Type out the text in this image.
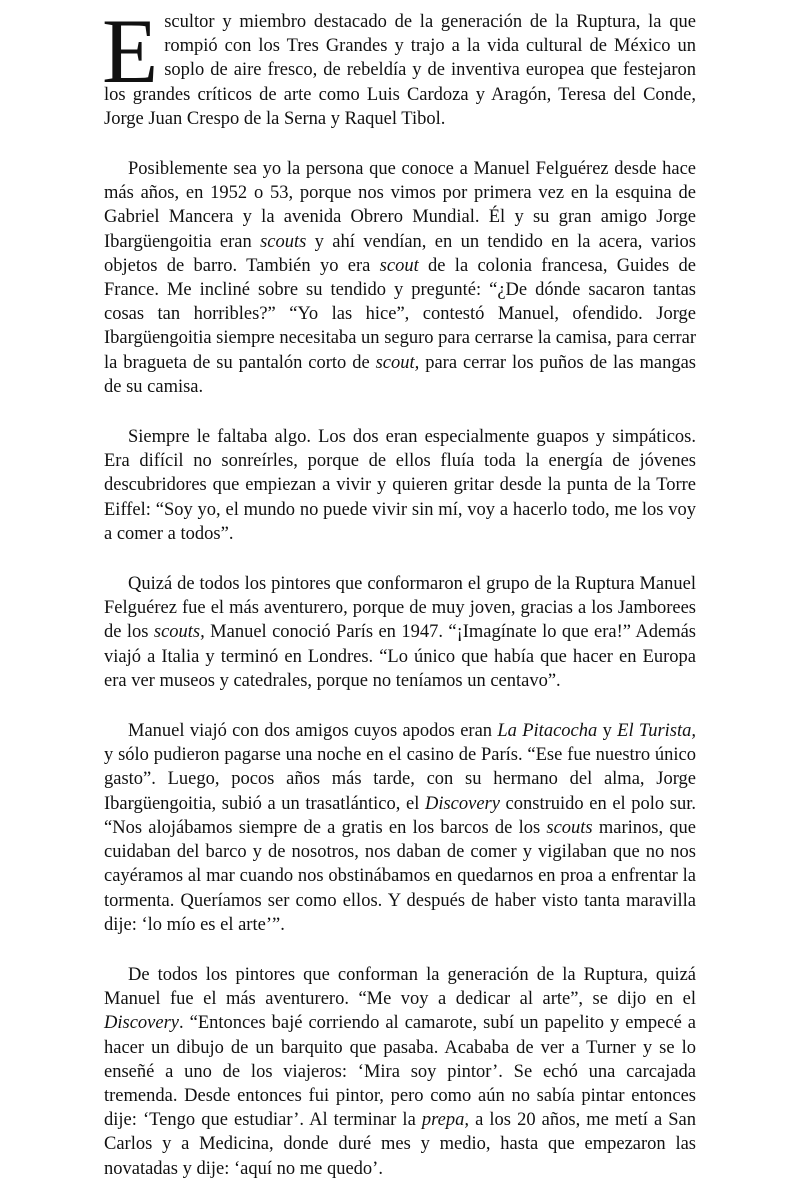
Escultor y miembro destacado de la generación de la Ruptura, la que rompió con los Tres Grandes y trajo a la vida cultural de México un soplo de aire fresco, de rebeldía y de inventiva europea que festejaron los grandes críticos de arte como Luis Cardoza y Aragón, Teresa del Conde, Jorge Juan Crespo de la Serna y Raquel Tibol.

Posiblemente sea yo la persona que conoce a Manuel Felguérez desde hace más años, en 1952 o 53, porque nos vimos por primera vez en la esquina de Gabriel Mancera y la avenida Obrero Mundial. Él y su gran amigo Jorge Ibargüengoitia eran scouts y ahí vendían, en un tendido en la acera, varios objetos de barro. También yo era scout de la colonia francesa, Guides de France. Me incliné sobre su tendido y pregunté: “¿De dónde sacaron tantas cosas tan horribles?” “Yo las hice”, contestó Manuel, ofendido. Jorge Ibargüengoitia siempre necesitaba un seguro para cerrarse la camisa, para cerrar la bragueta de su pantalón corto de scout, para cerrar los puños de las mangas de su camisa.

Siempre le faltaba algo. Los dos eran especialmente guapos y simpáticos. Era difícil no sonreírles, porque de ellos fluía toda la energía de jóvenes descubridores que empiezan a vivir y quieren gritar desde la punta de la Torre Eiffel: “Soy yo, el mundo no puede vivir sin mí, voy a hacerlo todo, me los voy a comer a todos”.

Quizá de todos los pintores que conformaron el grupo de la Ruptura Manuel Felguérez fue el más aventurero, porque de muy joven, gracias a los Jamborees de los scouts, Manuel conoció París en 1947. “¡Imagínate lo que era!” Además viajó a Italia y terminó en Londres. “Lo único que había que hacer en Europa era ver museos y catedrales, porque no teníamos un centavo”.

Manuel viajó con dos amigos cuyos apodos eran La Pitacocha y El Turista, y sólo pudieron pagarse una noche en el casino de París. “Ese fue nuestro único gasto”. Luego, pocos años más tarde, con su hermano del alma, Jorge Ibargüengoitia, subió a un trasatlántico, el Discovery construido en el polo sur. “Nos alojábamos siempre de a gratis en los barcos de los scouts marinos, que cuidaban del barco y de nosotros, nos daban de comer y vigilaban que no nos cayéramos al mar cuando nos obstinábamos en quedarnos en proa a enfrentar la tormenta. Queríamos ser como ellos. Y después de haber visto tanta maravilla dije: ‘lo mío es el arte’”.

De todos los pintores que conforman la generación de la Ruptura, quizá Manuel fue el más aventurero. “Me voy a dedicar al arte”, se dijo en el Discovery. “Entonces bajé corriendo al camarote, subí un papelito y empecé a hacer un dibujo de un barquito que pasaba. Acababa de ver a Turner y se lo enseñé a uno de los viajeros: ‘Mira soy pintor’. Se echó una carcajada tremenda. Desde entonces fui pintor, pero como aún no sabía pintar entonces dije: ‘Tengo que estudiar’. Al terminar la prepa, a los 20 años, me metí a San Carlos y a Medicina, donde duré mes y medio, hasta que empezaron las novatadas y dije: ‘aquí no me quedo’.
